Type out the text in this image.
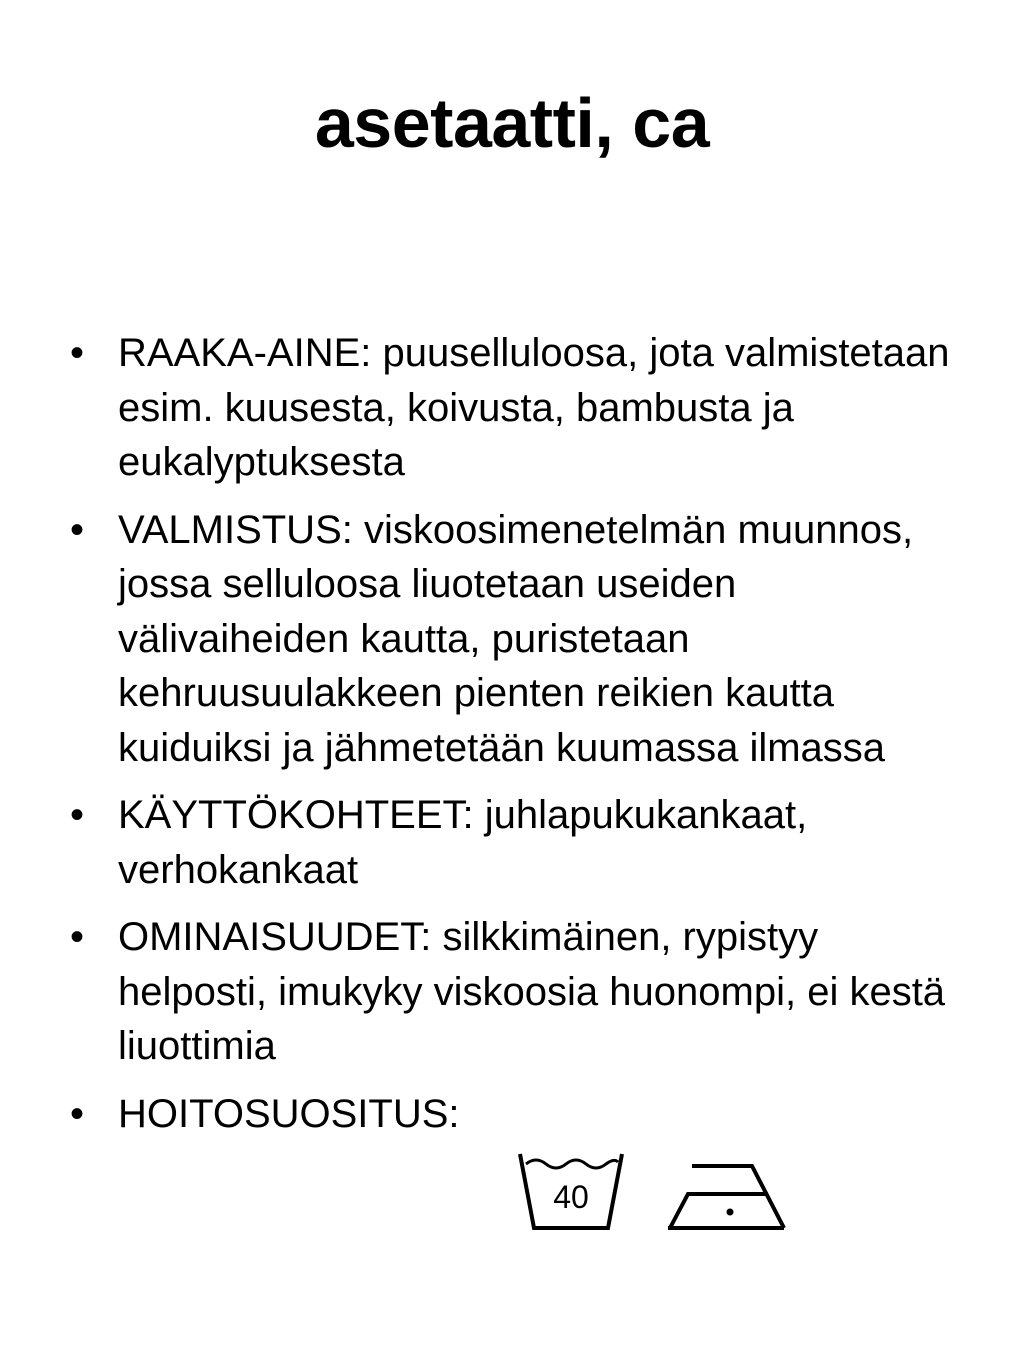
asetaatti, ca
• RAAKA-AINE: puuselluloosa, jota valmistetaan esim. kuusesta, koivusta, bambusta ja eukalyptuksesta
• VALMISTUS: viskoosimenetelmän muunnos, jossa selluloosa liuotetaan useiden välivaiheiden kautta, puristetaan kehruusuulakkeen pienten reikien kautta kuiduiksi ja jähmetetään kuumassa ilmassa
• KÄYTTÖKOHTEET: juhlapukukankaat, verhokankaat
• OMINAISUUDET: silkkimäinen, rypistyy helposti, imukyky viskoosia huonompi, ei kestä liuottimia
• HOITOSUOSITUS:
40
